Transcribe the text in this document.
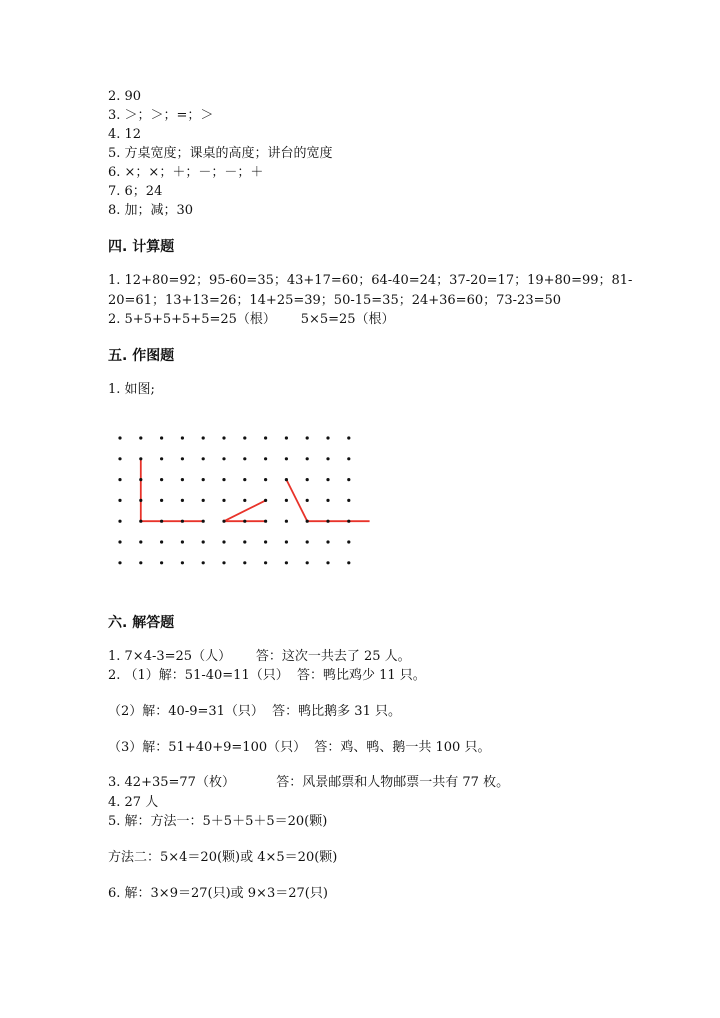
2. 90
3. ＞；＞；=；＞
4. 12
5. 方桌宽度；课桌的高度；讲台的宽度
6. ×；×；＋；－；－；＋
7. 6；24
8. 加；减；30
四. 计算题
1. 12+80=92；95-60=35；43+17=60；64-40=24；37-20=17；19+80=99；81-
20=61；13+13=26；14+25=39；50-15=35；24+36=60；73-23=50
2. 5+5+5+5+5=25（根）      5×5=25（根）
五. 作图题
1. 如图;
六. 解答题
1. 7×4-3=25（人）      答：这次一共去了 25 人。
2. （1）解：51-40=11（只）  答：鸭比鸡少 11 只。
（2）解：40-9=31（只）  答：鸭比鹅多 31 只。
（3）解：51+40+9=100（只）  答：鸡、鸭、鹅一共 100 只。
3. 42+35=77（枚）          答：风景邮票和人物邮票一共有 77 枚。
4. 27 人
5. 解：方法一：5＋5＋5＋5＝20(颗)
方法二：5×4＝20(颗)或 4×5＝20(颗)
6. 解：3×9＝27(只)或 9×3＝27(只)
